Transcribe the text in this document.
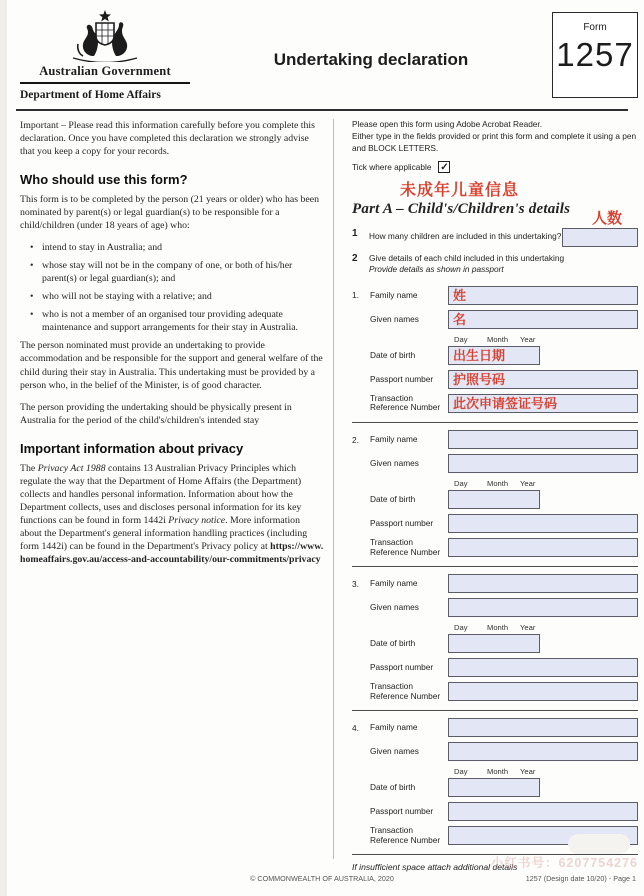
Australian Government
Department of Home Affairs
Undertaking declaration
Form
1257

Important – Please read this information carefully before you complete this declaration. Once you have completed this declaration we strongly advise that you keep a copy for your records.

Who should use this form?

This form is to be completed by the person (21 years or older) who has been nominated by parent(s) or legal guardian(s) to be responsible for a child/children (under 18 years of age) who:

• intend to stay in Australia; and
• whose stay will not be in the company of one, or both of his/her parent(s) or legal guardian(s); and
• who will not be staying with a relative; and
• who is not a member of an organised tour providing adequate maintenance and support arrangements for their stay in Australia.

The person nominated must provide an undertaking to provide accommodation and be responsible for the support and general welfare of the child during their stay in Australia. This undertaking must be provided by a person who, in the belief of the Minister, is of good character.

The person providing the undertaking should be physically present in Australia for the period of the child's/children's intended stay

Important information about privacy

The Privacy Act 1988 contains 13 Australian Privacy Principles which regulate the way that the Department of Home Affairs (the Department) collects and handles personal information. Information about how the Department collects, uses and discloses personal information for its key functions can be found in form 1442i Privacy notice. More information about the Department's general information handling practices (including form 1442i) can be found in the Department's Privacy policy at https://www.homeaffairs.gov.au/access-and-accountability/our-commitments/privacy

Please open this form using Adobe Acrobat Reader.
Either type in the fields provided or print this form and complete it using a pen and BLOCK LETTERS.
Tick where applicable ✓
未成年儿童信息
Part A – Child's/Children's details
人数
1	How many children are included in this undertaking?
2	Give details of each child included in this undertaking
Provide details as shown in passport
1.	Family name	姓
Given names	名
Day	Month	Year
Date of birth	出生日期
Passport number	护照号码
Transaction
Reference Number 此次申请签证号码
2.	Family name
Given names
Day	Month	Year
Date of birth
Passport number
Transaction
Reference Number
3.	Family name
Given names
Day	Month	Year
Date of birth
Passport number
Transaction
Reference Number
4.	Family name
Given names
Day	Month	Year
Date of birth
Passport number
Transaction
Reference Number
If insufficient space attach additional details
小红书号：6207754276
© COMMONWEALTH OF AUSTRALIA, 2020	1257 (Design date 10/20) - Page 1
